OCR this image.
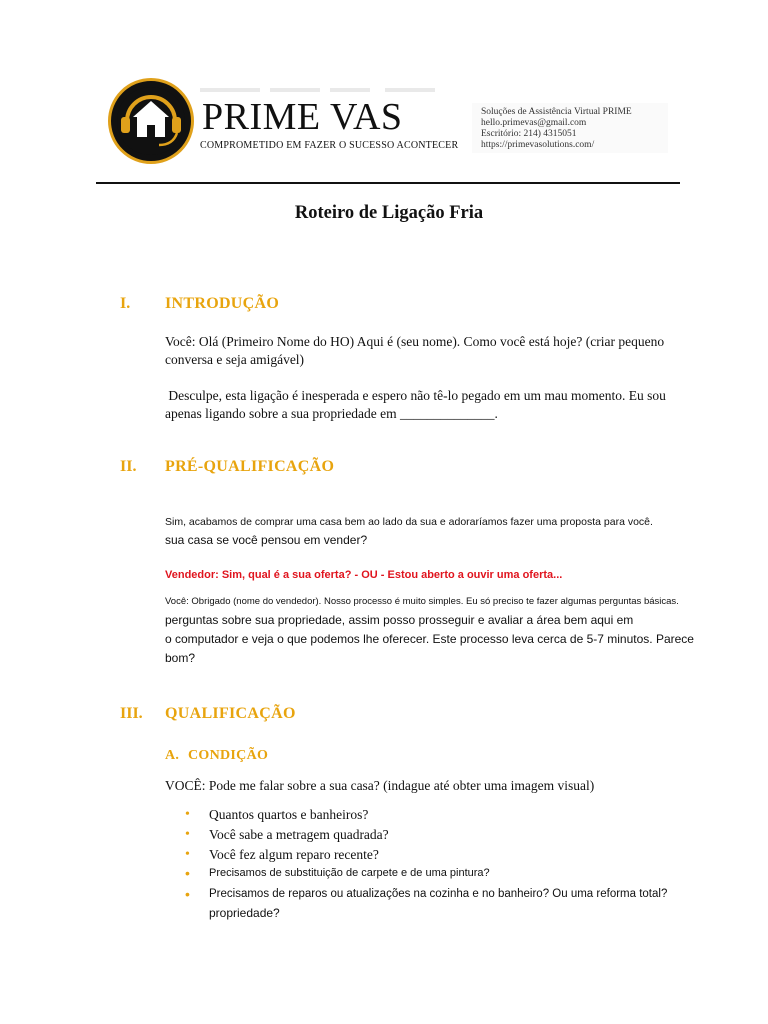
PRIME VAS
COMPROMETIDO EM FAZER O SUCESSO ACONTECER
Soluções de Assistência Virtual PRIME
hello.primevas@gmail.com
Escritório: 214) 4315051
https://primevasolutions.com/
Roteiro de Ligação Fria
I. INTRODUÇÃO
Você: Olá (Primeiro Nome do HO) Aqui é (seu nome). Como você está hoje? (criar pequeno
conversa e seja amigável)
Desculpe, esta ligação é inesperada e espero não tê-lo pegado em um mau momento. Eu sou
apenas ligando sobre a sua propriedade em ______________.
II. PRÉ-QUALIFICAÇÃO
Sim, acabamos de comprar uma casa bem ao lado da sua e adoraríamos fazer uma proposta para você.
sua casa se você pensou em vender?
Vendedor: Sim, qual é a sua oferta? - OU - Estou aberto a ouvir uma oferta...
Você: Obrigado (nome do vendedor). Nosso processo é muito simples. Eu só preciso te fazer algumas perguntas básicas.
perguntas sobre sua propriedade, assim posso prosseguir e avaliar a área bem aqui em
o computador e veja o que podemos lhe oferecer. Este processo leva cerca de 5-7 minutos. Parece
bom?
III. QUALIFICAÇÃO
A. CONDIÇÃO
VOCÊ: Pode me falar sobre a sua casa? (indague até obter uma imagem visual)
• Quantos quartos e banheiros?
• Você sabe a metragem quadrada?
• Você fez algum reparo recente?
• Precisamos de substituição de carpete e de uma pintura?
• Precisamos de reparos ou atualizações na cozinha e no banheiro? Ou uma reforma total?
propriedade?
